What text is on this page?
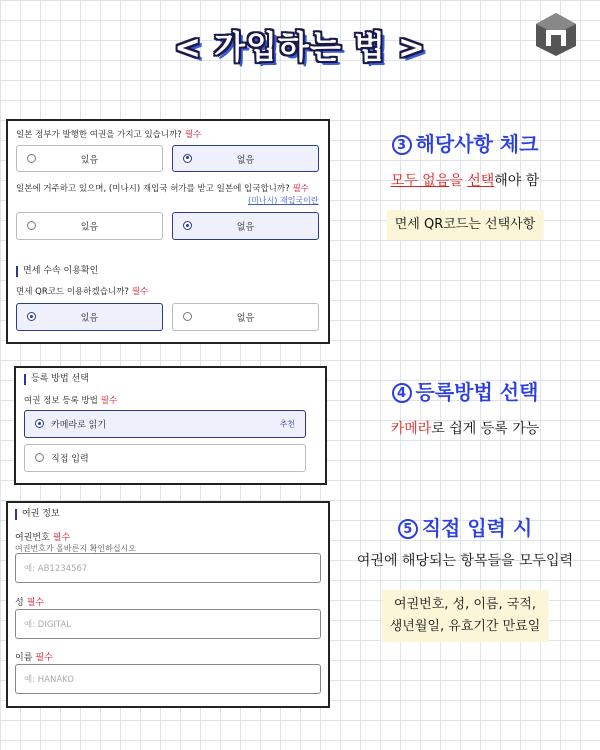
< 가입하는 법 >
일본 정부가 발행한 여권을 가지고 있습니까? 필수
있음	없음
일본에 거주하고 있으며, (미나시) 재입국 허가를 받고 일본에 입국합니까? 필수
(미나시) 재입국이란
있음	없음
면세 수속 이용확인
면세 QR코드 이용하겠습니까? 필수
있음	없음
등록 방법 선택
여권 정보 등록 방법 필수
카메라로 읽기	추천
직접 입력
여권 정보
여권번호 필수
여권번호가 올바른지 확인하십시오
예: AB1234567
성 필수
예: DIGITAL
이름 필수
예: HANAKO
3 해당사항 체크
모두 없음을 선택해야 함
면세 QR코드는 선택사항
4 등록방법 선택
카메라로 쉽게 등록 가능
5 직접 입력 시
여권에 해당되는 항목들을 모두입력
여권번호, 성, 이름, 국적,
생년월일, 유효기간 만료일
